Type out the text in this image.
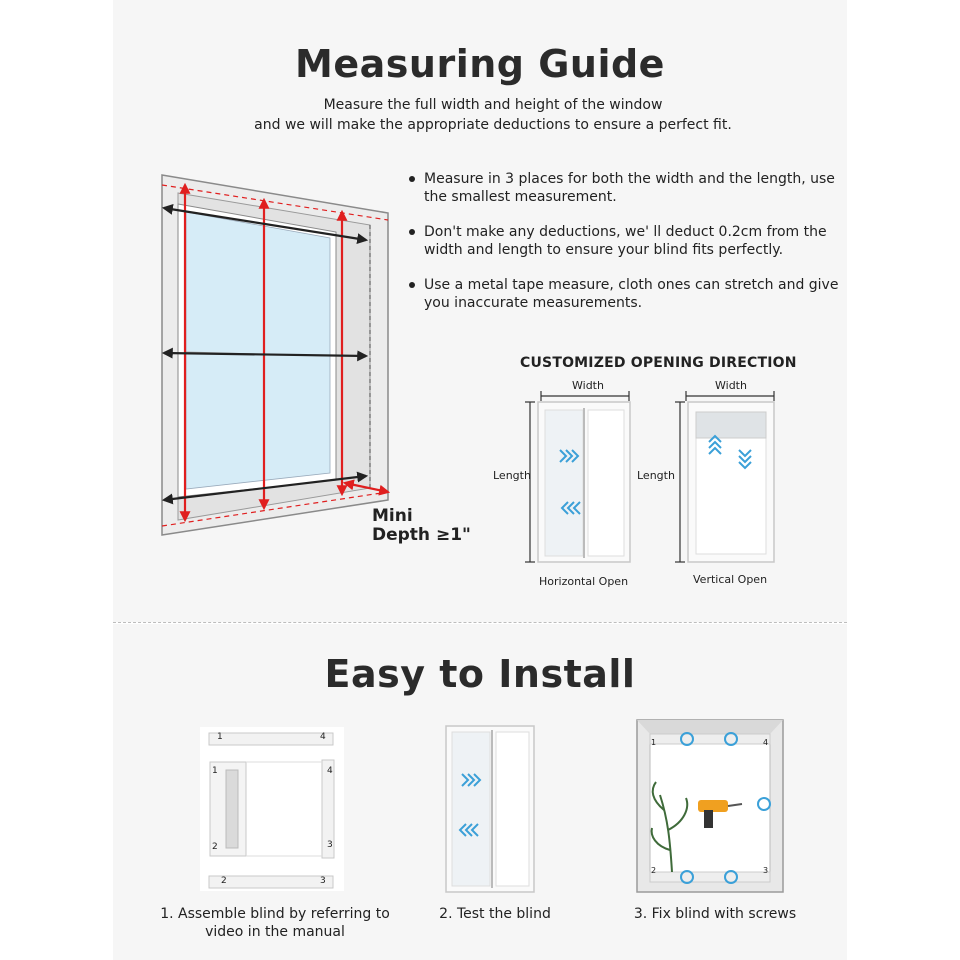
Measuring Guide
Measure the full width and height of the window
and we will make the appropriate deductions to ensure a perfect fit.
Mini
Depth ≥1"
Measure in 3 places for both the width and the length, use the smallest measurement.
Don't make any deductions, we' ll deduct 0.2cm from the width and length to ensure your blind fits perfectly.
Use a metal tape measure, cloth ones can stretch and give you inaccurate measurements.
CUSTOMIZED OPENING DIRECTION
Width
Length
Horizontal Open
Width
Length
Vertical Open
Easy to Install
1	4
1	4
2	3
2	3
1	4
2	3
1. Assemble blind by referring to
video in the manual
2. Test the blind	3. Fix blind with screws
